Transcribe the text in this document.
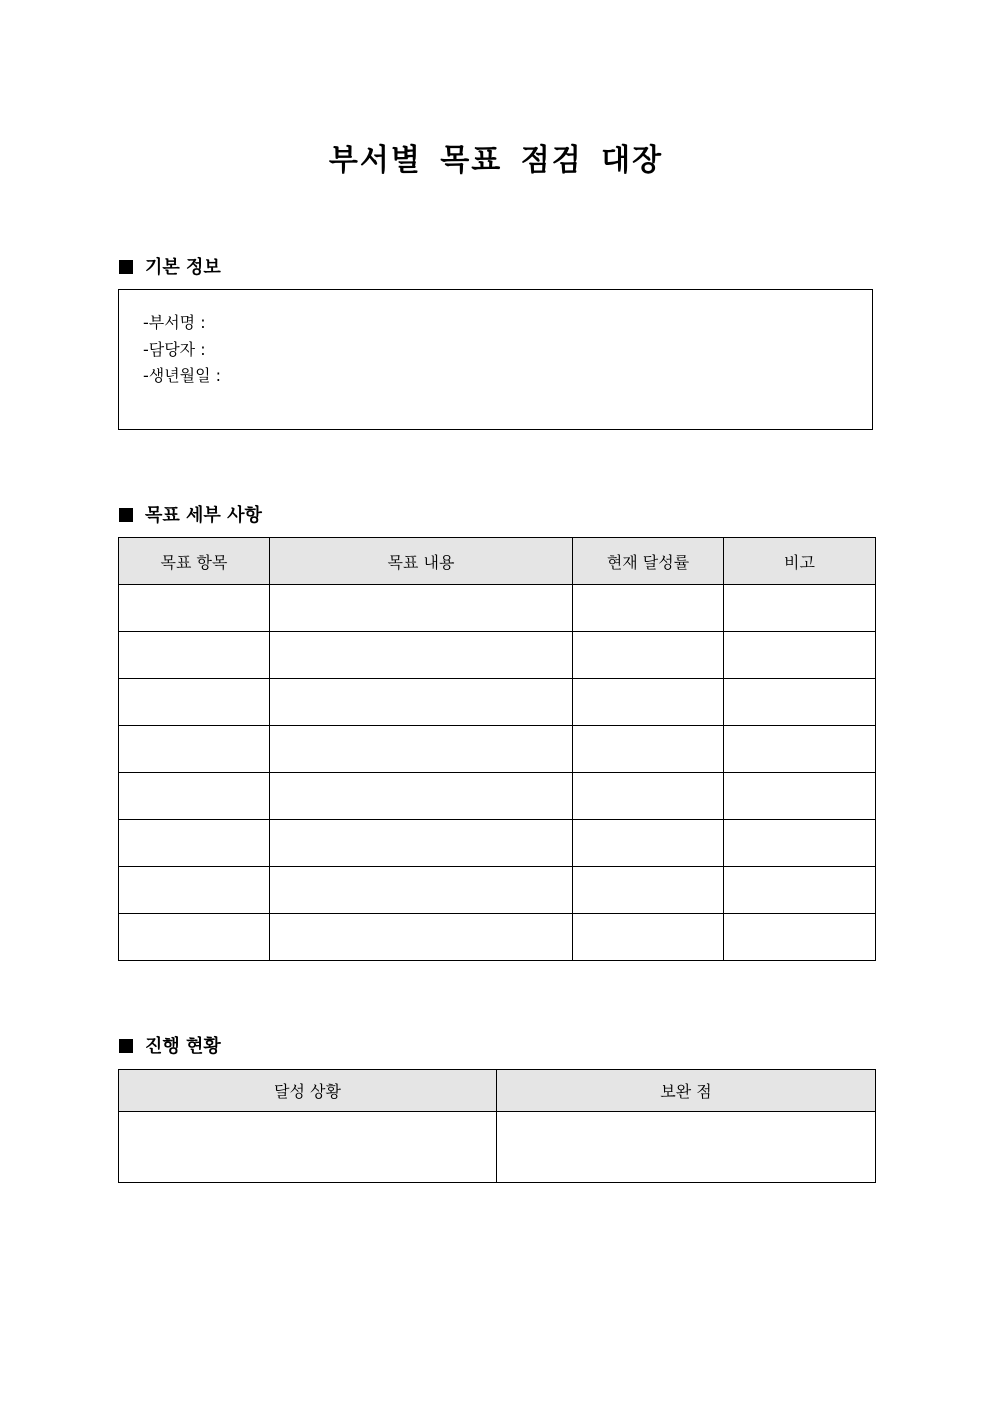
부서별 목표 점검 대장
기본 정보
-부서명 :
-담당자 :
-생년월일 :
목표 세부 사항
목표 항목	목표 내용	현재 달성률	비고

진행 현황
달성 상황	보완 점
